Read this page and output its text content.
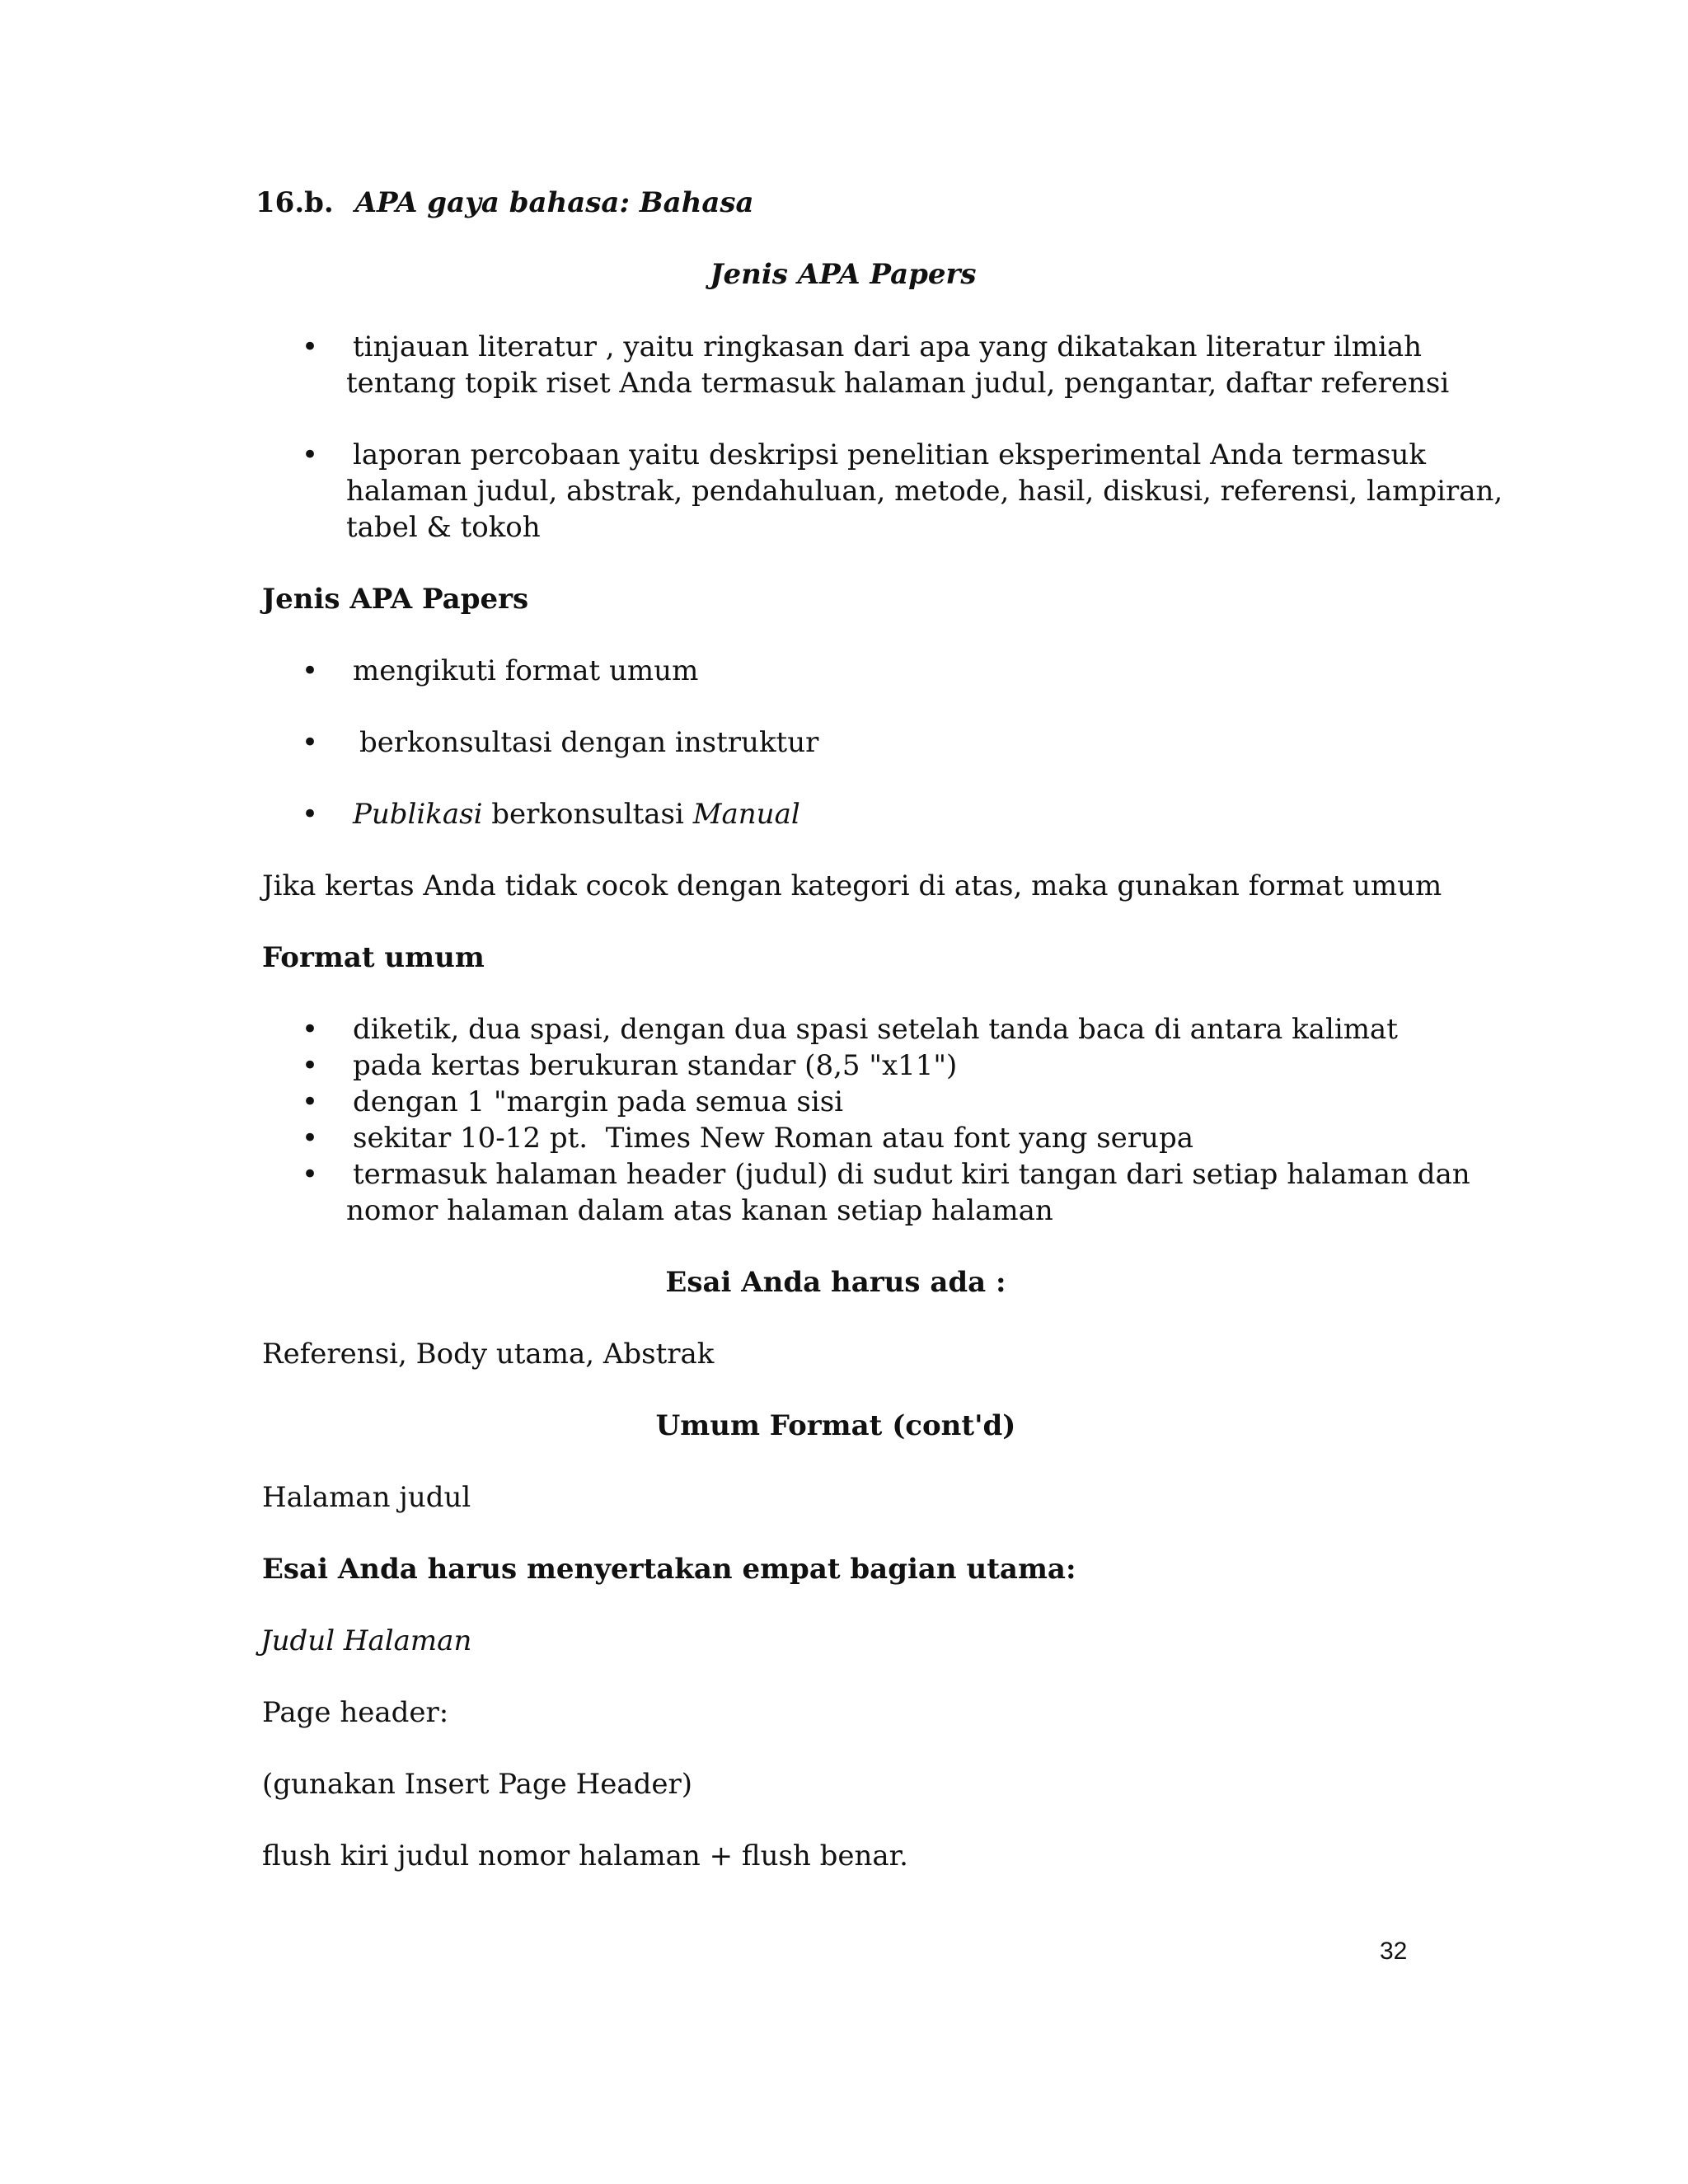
16.b. APA gaya bahasa: Bahasa
Jenis APA Papers
• tinjauan literatur , yaitu ringkasan dari apa yang dikatakan literatur ilmiah
tentang topik riset Anda termasuk halaman judul, pengantar, daftar referensi
• laporan percobaan yaitu deskripsi penelitian eksperimental Anda termasuk
halaman judul, abstrak, pendahuluan, metode, hasil, diskusi, referensi, lampiran,
tabel & tokoh
Jenis APA Papers
• mengikuti format umum
• berkonsultasi dengan instruktur
• Publikasi berkonsultasi Manual
Jika kertas Anda tidak cocok dengan kategori di atas, maka gunakan format umum
Format umum
• diketik, dua spasi, dengan dua spasi setelah tanda baca di antara kalimat
• pada kertas berukuran standar (8,5 "x11")
• dengan 1 "margin pada semua sisi
• sekitar 10-12 pt.  Times New Roman atau font yang serupa
• termasuk halaman header (judul) di sudut kiri tangan dari setiap halaman dan
nomor halaman dalam atas kanan setiap halaman
Esai Anda harus ada :
Referensi, Body utama, Abstrak
Umum Format (cont'd)
Halaman judul
Esai Anda harus menyertakan empat bagian utama:
Judul Halaman
Page header:
(gunakan Insert Page Header)
flush kiri judul nomor halaman + flush benar.
32
